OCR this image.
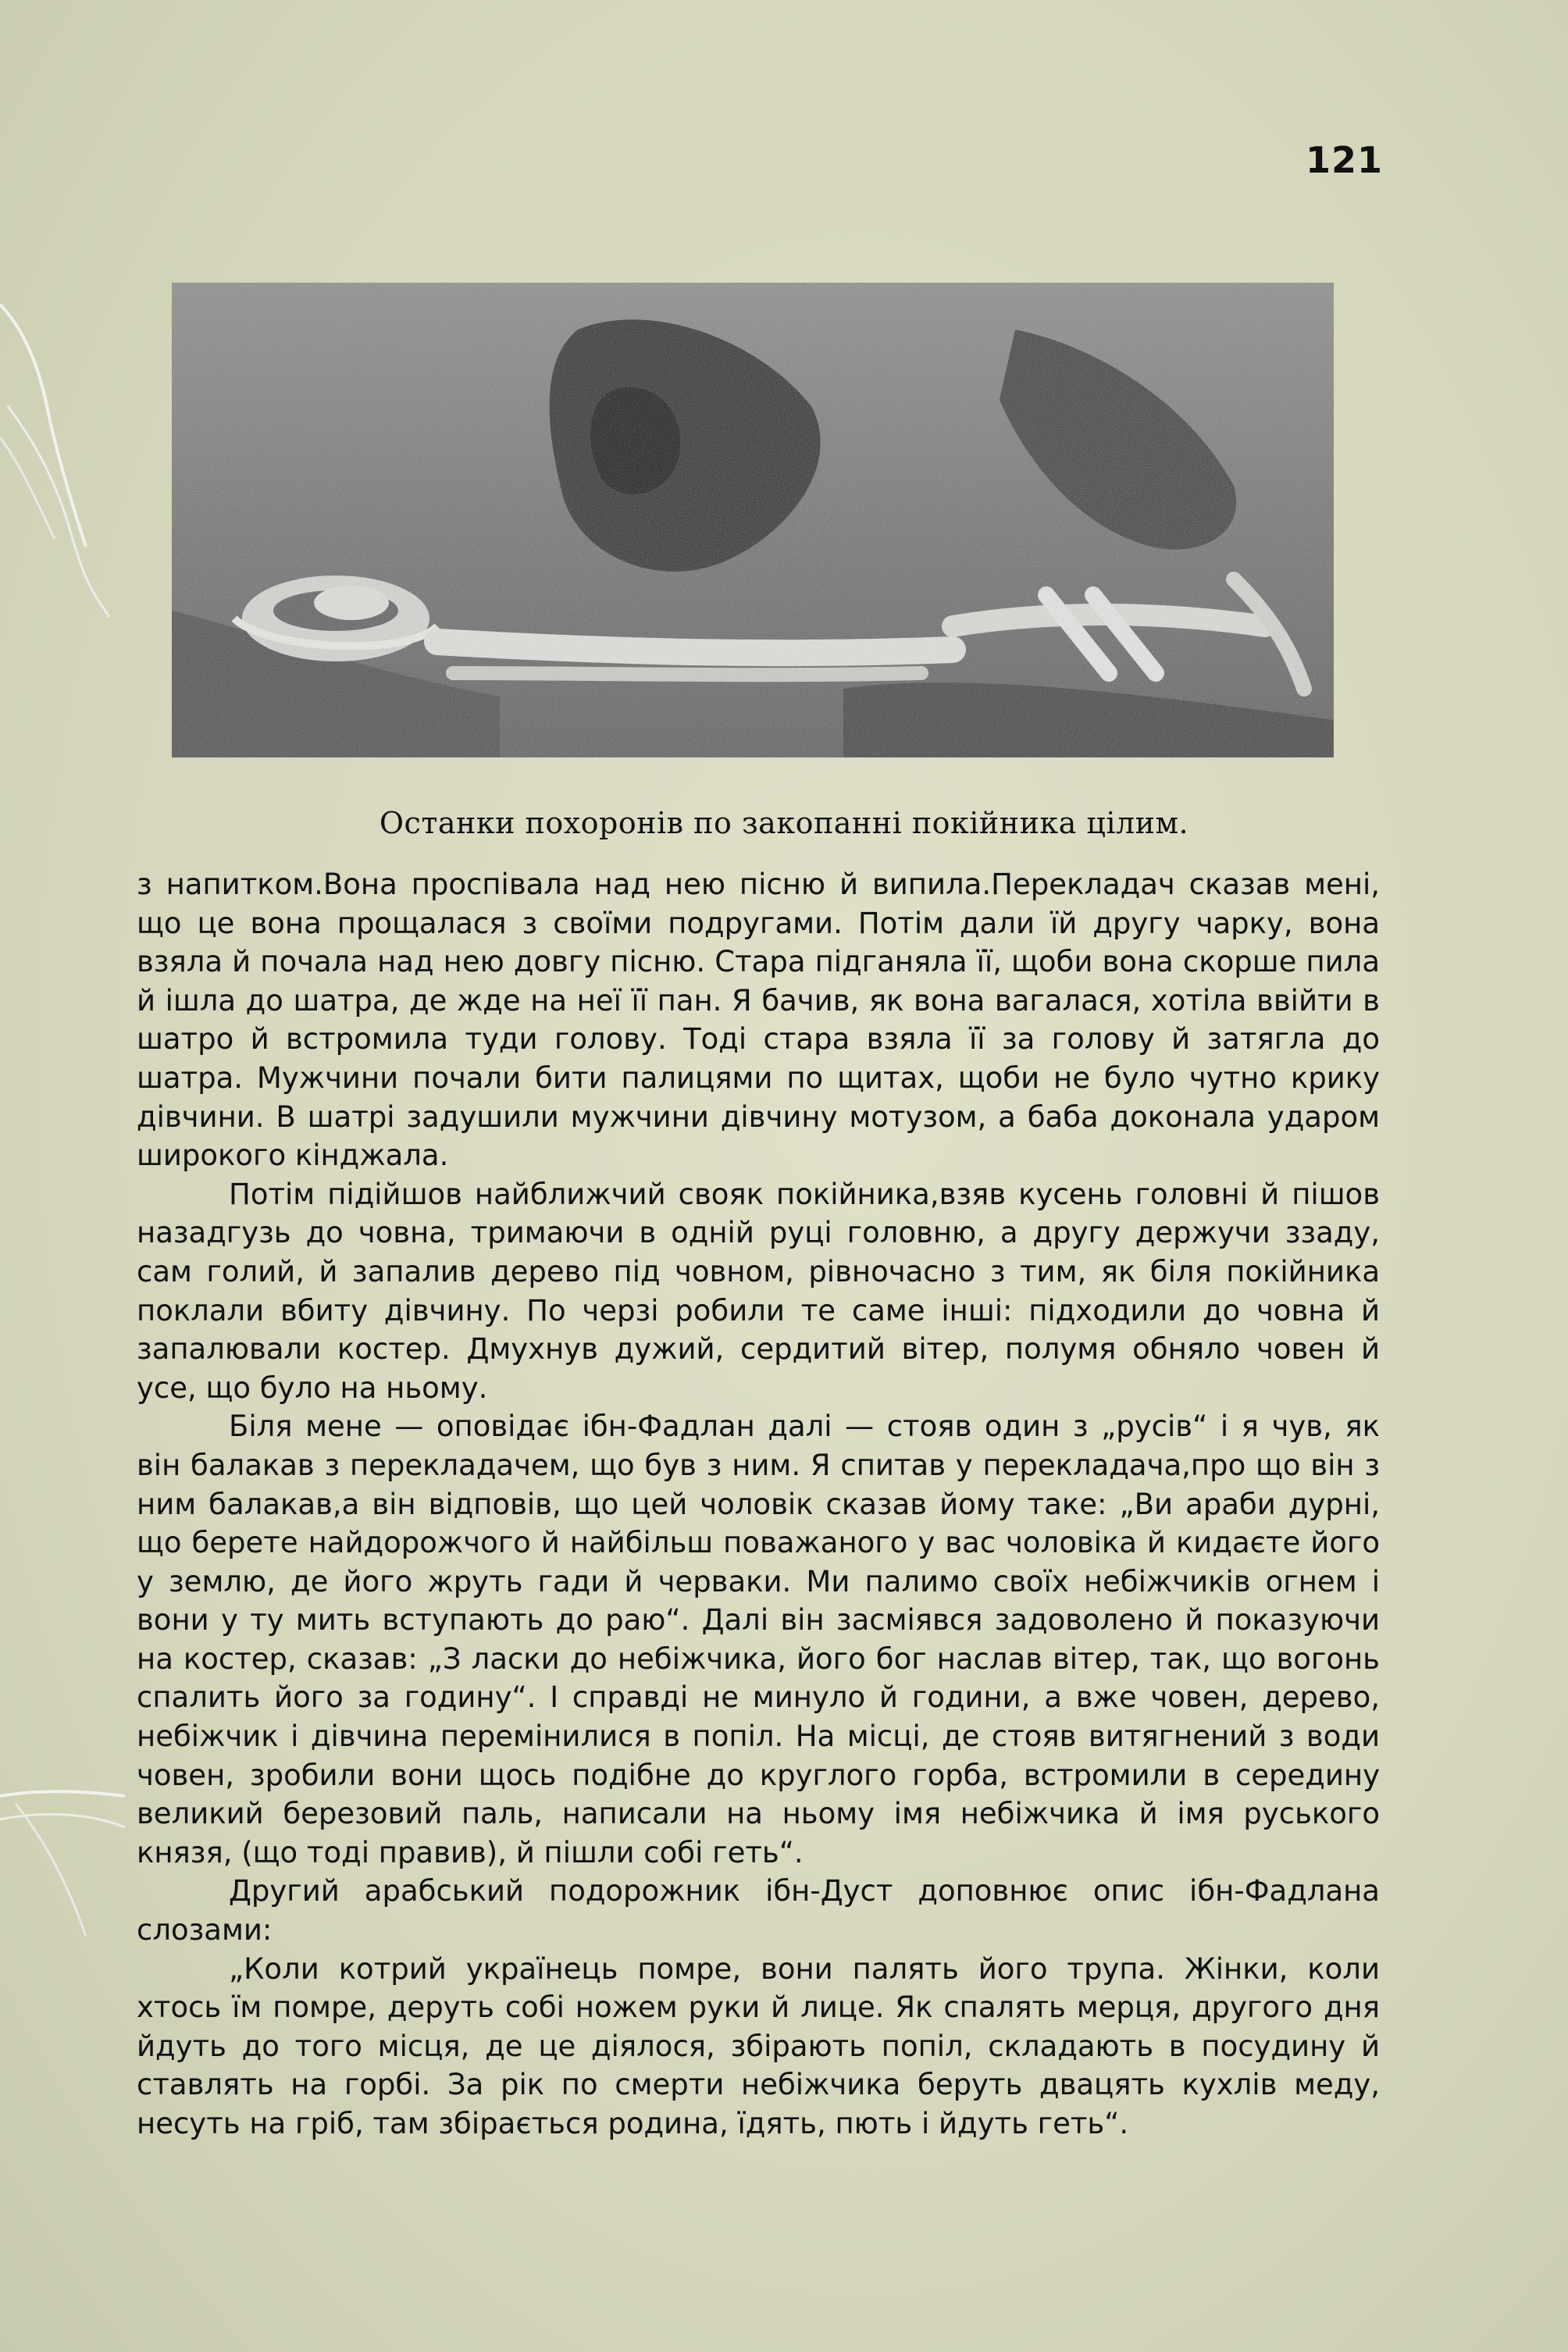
121
Останки похоронів по закопанні покійника цілим.

з напитком.Вона проспівала над нею пісню й випила.Перекладач сказав мені, що це вона прощалася з своїми подругами. Потім дали їй другу чарку, вона взяла й почала над нею довгу пісню. Стара підганяла її, щоби вона скорше пила й ішла до шатра, де жде на неї її пан. Я бачив, як вона вагалася, хотіла ввійти в шатро й встромила туди голову. Тоді стара взяла її за голову й затягла до шатра. Мужчини почали бити палицями по щитах, щоби не було чутно крику дівчини. В шатрі задушили мужчини дівчину мотузом, а баба доконала ударом широкого кінджала.

Потім підійшов найближчий свояк покійника,взяв кусень головні й пішов назадгузь до човна, тримаючи в одній руці головню, а другу держучи ззаду, сам голий, й запалив дерево під човном, рівночасно з тим, як біля покійника поклали вбиту дівчину. По черзі робили те саме інші: підходили до човна й запалювали костер. Дмухнув дужий, сердитий вітер, полумя обняло човен й усе, що було на ньому.

Біля мене — оповідає ібн-Фадлан далі — стояв один з „русів“ і я чув, як він балакав з перекладачем, що був з ним. Я спитав у перекладача,про що він з ним балакав,а він відповів, що цей чоловік сказав йому таке: „Ви араби дурні, що берете найдорожчого й найбільш поважаного у вас чоловіка й кидаєте його у землю, де його жруть гади й черваки. Ми палимо своїх небіжчиків огнем і вони у ту мить вступають до раю“. Далі він засміявся задоволено й показуючи на костер, сказав: „З ласки до небіжчика, його бог наслав вітер, так, що вогонь спалить його за годину“. І справді не минуло й години, а вже човен, дерево, небіжчик і дівчина перемінилися в попіл. На місці, де стояв витягнений з води човен, зробили вони щось подібне до круглого горба, встромили в середину великий березовий паль, написали на ньому імя небіжчика й імя руського князя, (що тоді правив), й пішли собі геть“.

Другий арабський подорожник ібн-Дуст доповнює опис ібн-Фадлана слозами:

„Коли котрий українець помре, вони палять його трупа. Жінки, коли хтось їм помре, деруть собі ножем руки й лице. Як спалять мерця, другого дня йдуть до того місця, де це діялося, збірають попіл, складають в посудину й ставлять на горбі. За рік по смерти небіжчика беруть двацять кухлів меду, несуть на гріб, там збірається родина, їдять, пють і йдуть геть“.
